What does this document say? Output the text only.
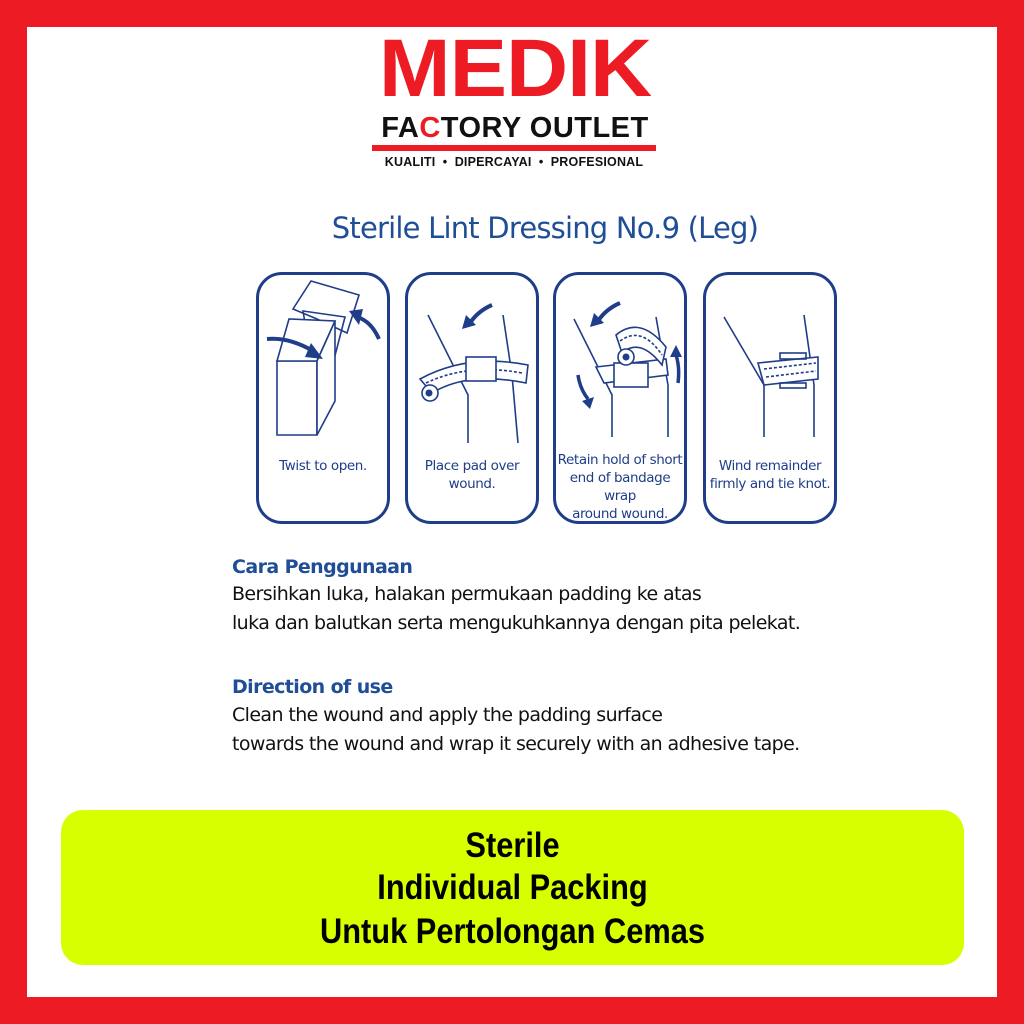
MEDIK
FACTORY OUTLET
KUALITI  •  DIPERCAYAI  •  PROFESIONAL
Sterile Lint Dressing No.9 (Leg)
Twist to open.	Place pad over
wound.
Retain hold of short
end of bandage wrap
around wound.
Wind remainder
firmly and tie knot.
Cara Penggunaan
Bersihkan luka, halakan permukaan padding ke atas
luka dan balutkan serta mengukuhkannya dengan pita pelekat.
Direction of use
Clean the wound and apply the padding surface
towards the wound and wrap it securely with an adhesive tape.
Sterile
Individual Packing
Untuk Pertolongan Cemas
